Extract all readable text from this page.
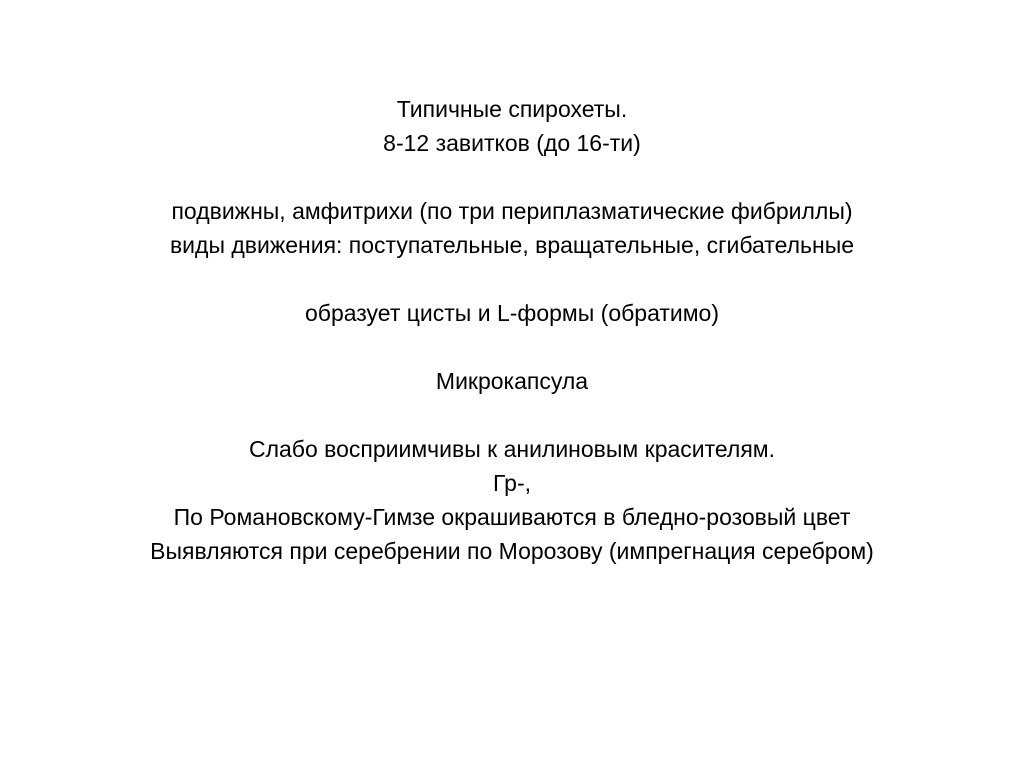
Типичные спирохеты.
8-12 завитков (до 16-ти)
подвижны, амфитрихи (по три периплазматические фибриллы)
виды движения: поступательные, вращательные, сгибательные
образует цисты и L-формы (обратимо)
Микрокапсула
Слабо восприимчивы к анилиновым красителям.
Гр-,
По Романовскому-Гимзе окрашиваются в бледно-розовый цвет
Выявляются при серебрении по Морозову (импрегнация серебром)
